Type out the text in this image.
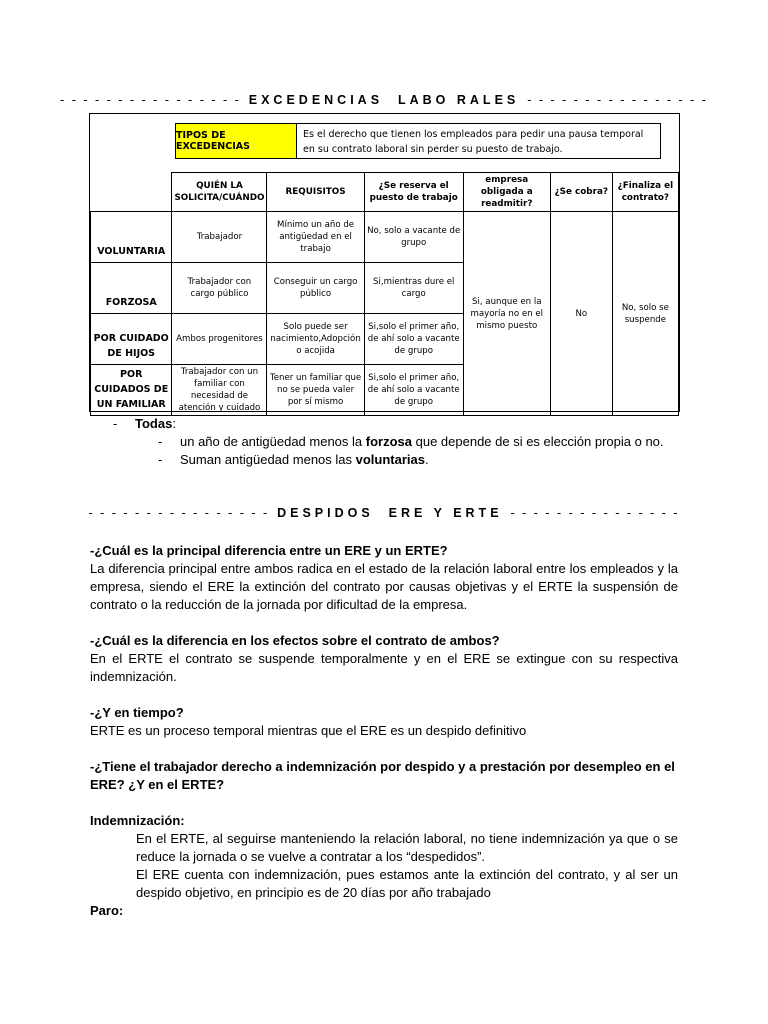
- - - - - - - - - - - - - - - - EXCEDENCIAS  LABO RALES - - - - - - - - - - - - - - - -
TIPOS DE EXCEDENCIAS
Es el derecho que tienen los empleados para pedir una pausa temporal en su contrato laboral sin perder su puesto de trabajo.
	QUIÉN LA SOLICITA/CUÁNDO	REQUISITOS	¿Se reserva el puesto de trabajo	empresa obligada a readmitir?	¿Se cobra?	¿Finaliza el contrato?
VOLUNTARIA	Trabajador	Mínimo un año de antigüedad en el trabajo	No, solo a vacante de grupo	Si, aunque en la mayoría no en el mismo puesto	No	No, solo se suspende
FORZOSA	Trabajador con cargo público	Conseguir un cargo público	Si,mientras dure el cargo			
POR CUIDADO DE HIJOS	Ambos progenitores	Solo puede ser nacimiento,Adopción o acojida	Si,solo el primer año, de ahí solo a vacante de grupo			
POR CUIDADOS DE UN FAMILIAR	Trabajador con un familiar con necesidad de atención y cuidado	Tener un familiar que no se pueda valer por sí mismo	Si,solo el primer año, de ahí solo a vacante de grupo			
- Todas:
- un año de antigüedad menos la forzosa que depende de si es elección propia o no.
- Suman antigüedad menos las voluntarias.
- - - - - - - - - - - - - - - - DESPIDOS  ERE Y ERTE - - - - - - - - - - - - - - -
-¿Cuál es la principal diferencia entre un ERE y un ERTE?
La diferencia principal entre ambos radica en el estado de la relación laboral entre los empleados y la empresa, siendo el ERE la extinción del contrato por causas objetivas y el ERTE la suspensión de contrato o la reducción de la jornada por dificultad de la empresa.
-¿Cuál es la diferencia en los efectos sobre el contrato de ambos?
En el ERTE el contrato se suspende temporalmente y en el ERE se extingue con su respectiva indemnización.
-¿Y en tiempo?
ERTE es un proceso temporal mientras que el ERE es un despido definitivo
-¿Tiene el trabajador derecho a indemnización por despido y a prestación por desempleo en el ERE? ¿Y en el ERTE?
Indemnización:
En el ERTE, al seguirse manteniendo la relación laboral, no tiene indemnización ya que o se reduce la jornada o se vuelve a contratar a los “despedidos”.
El ERE cuenta con indemnización, pues estamos ante la extinción del contrato, y al ser un despido objetivo, en principio es de 20 días por año trabajado
Paro:
